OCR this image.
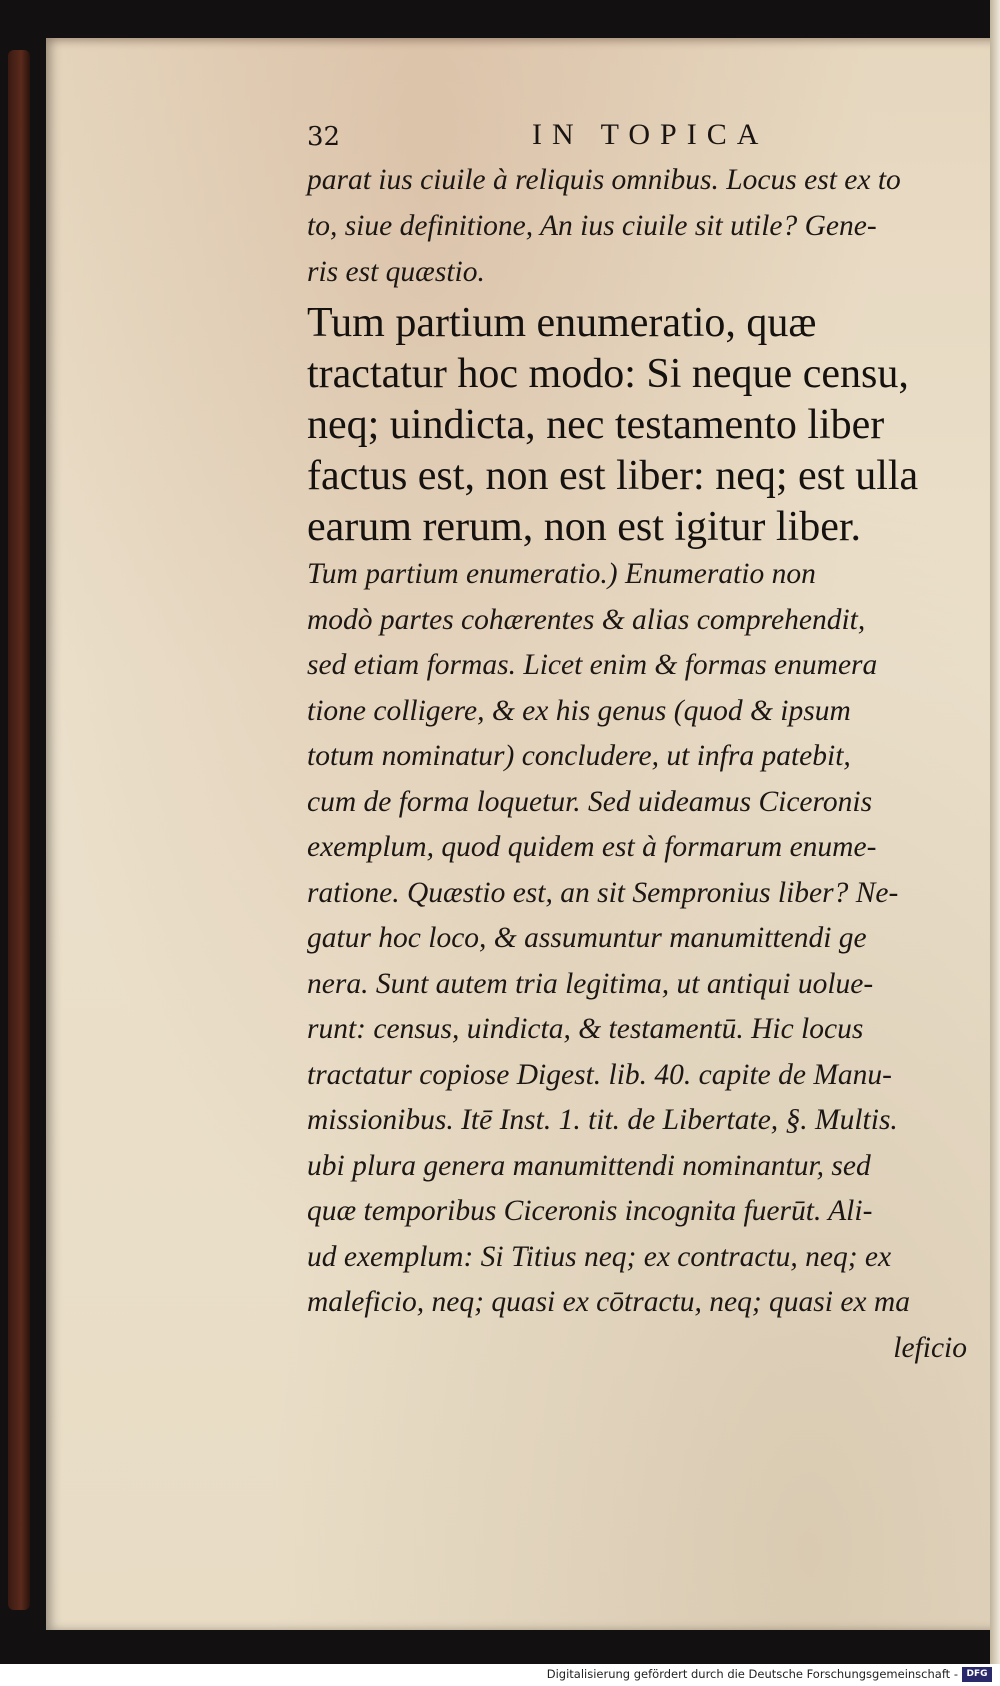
32	IN TOPICA
parat ius ciuile à reliquis omnibus. Locus est ex to
to, siue definitione, An ius ciuile sit utile? Gene-
ris est quæstio.
Tum partium enumeratio, quæ
tractatur hoc modo: Si neque censu,
neq; uindicta, nec testamento liber
factus est, non est liber: neq; est ulla
earum rerum, non est igitur liber.
Tum partium enumeratio.) Enumeratio non
modò partes cohærentes & alias comprehendit,
sed etiam formas. Licet enim & formas enumera
tione colligere, & ex his genus (quod & ipsum
totum nominatur) concludere, ut infra patebit,
cum de forma loquetur. Sed uideamus Ciceronis
exemplum, quod quidem est à formarum enume-
ratione. Quæstio est, an sit Sempronius liber? Ne-
gatur hoc loco, & assumuntur manumittendi ge
nera. Sunt autem tria legitima, ut antiqui uolue-
runt: census, uindicta, & testamentū. Hic locus
tractatur copiose Digest. lib. 40. capite de Manu-
missionibus. Itē Inst. 1. tit. de Libertate, §. Multis.
ubi plura genera manumittendi nominantur, sed
quæ temporibus Ciceronis incognita fuerūt. Ali-
ud exemplum: Si Titius neq; ex contractu, neq; ex
maleficio, neq; quasi ex cōtractu, neq; quasi ex ma
leficio
Digitalisierung gefördert durch die Deutsche Forschungsgemeinschaft - DFG
